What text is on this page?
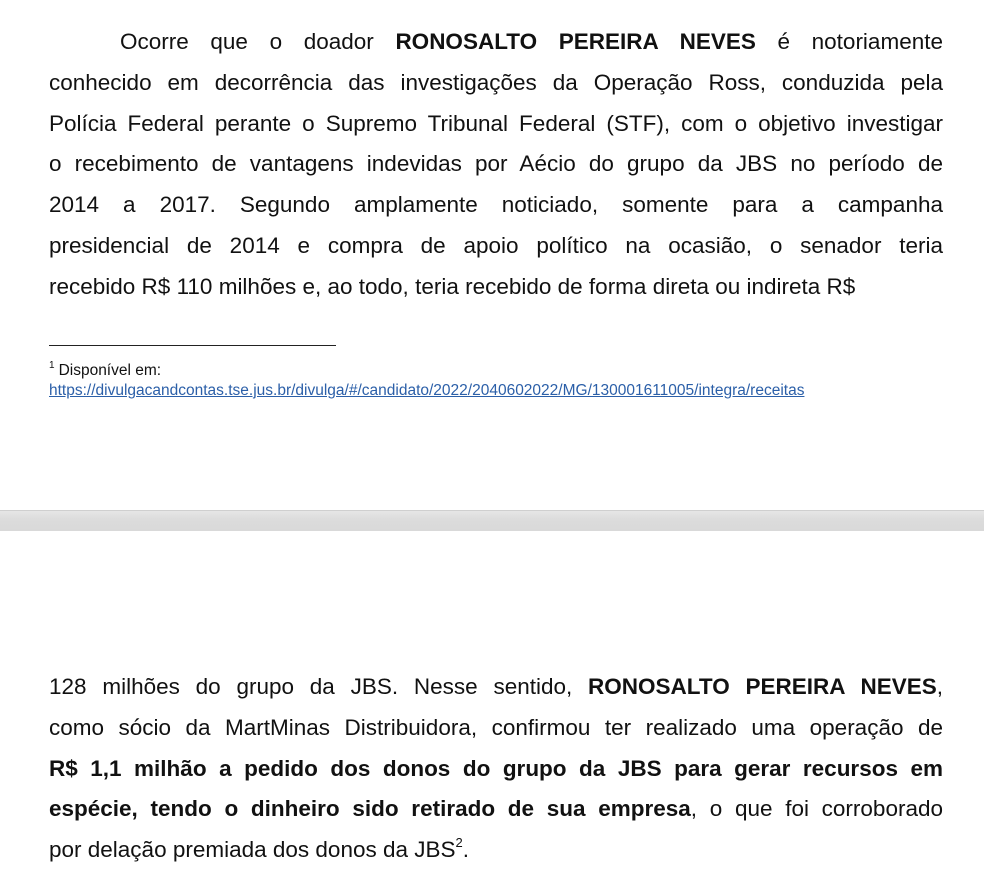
Ocorre que o doador RONOSALTO PEREIRA NEVES é notoriamente
conhecido em decorrência das investigações da Operação Ross, conduzida pela
Polícia Federal perante o Supremo Tribunal Federal (STF), com o objetivo investigar
o recebimento de vantagens indevidas por Aécio do grupo da JBS no período de
2014 a 2017. Segundo amplamente noticiado, somente para a campanha
presidencial de 2014 e compra de apoio político na ocasião, o senador teria
recebido R$ 110 milhões e, ao todo, teria recebido de forma direta ou indireta R$
$^1$ Disponível em:
https://divulgacandcontas.tse.jus.br/divulga/#/candidato/2022/2040602022/MG/130001611005/integra/receitas
128 milhões do grupo da JBS. Nesse sentido, RONOSALTO PEREIRA NEVES,
como sócio da MartMinas Distribuidora, confirmou ter realizado uma operação de
R$ 1,1 milhão a pedido dos donos do grupo da JBS para gerar recursos em
espécie, tendo o dinheiro sido retirado de sua empresa, o que foi corroborado
por delação premiada dos donos da JBS$^2$.
